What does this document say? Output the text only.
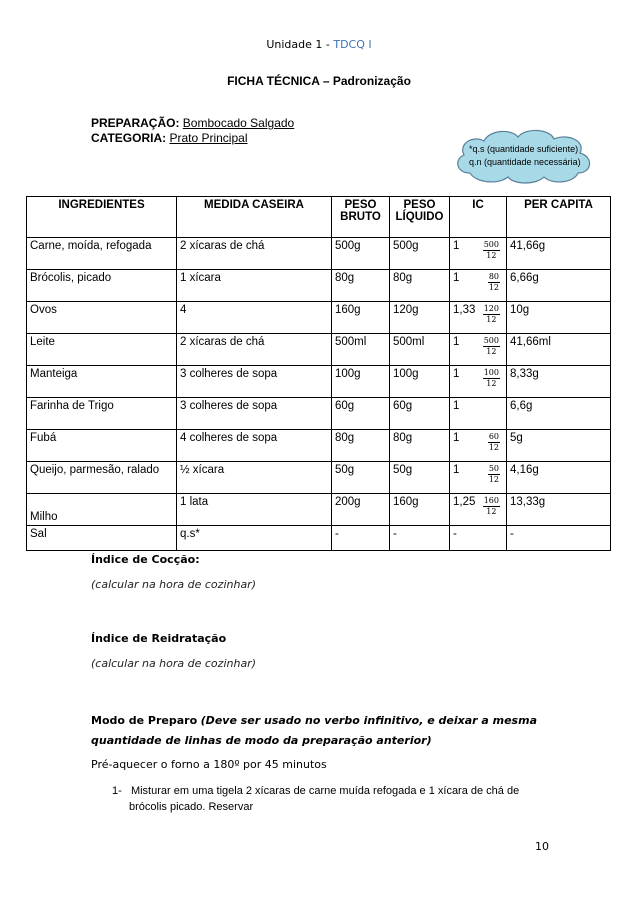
Unidade 1 - TDCQ I
FICHA TÉCNICA – Padronização
PREPARAÇÃO: Bombocado Salgado
CATEGORIA: Prato Principal
*q.s (quantidade suficiente)
q.n (quantidade necessária)
INGREDIENTES	MEDIDA CASEIRA	PESO BRUTO	PESO LÍQUIDO	IC	PER CAPITA
Carne, moída, refogada	2 xícaras de chá	500g	500g	$1 \frac{500}{12}$	41,66g
Brócolis, picado	1 xícara	80g	80g	$1 \frac{80}{12}$	6,66g
Ovos	4	160g	120g	$1,33 \frac{120}{12}$	10g
Leite	2 xícaras de chá	500ml	500ml	$1 \frac{500}{12}$	41,66ml
Manteiga	3 colheres de sopa	100g	100g	$1 \frac{100}{12}$	8,33g
Farinha de Trigo	3 colheres de sopa	60g	60g	1	6,6g
Fubá	4 colheres de sopa	80g	80g	$1 \frac{60}{12}$	5g
Queijo, parmesão, ralado	½ xícara	50g	50g	$1 \frac{50}{12}$	4,16g
Milho	1 lata	200g	160g	$1,25 \frac{160}{12}$	13,33g
Sal	q.s*	-	-	-	-
Índice de Cocção:
(calcular na hora de cozinhar)
Índice de Reidratação
(calcular na hora de cozinhar)
Modo de Preparo (Deve ser usado no verbo infinitivo, e deixar a mesma quantidade de linhas de modo da preparação anterior)
Pré-aquecer o forno a 180º por 45 minutos
1- Misturar em uma tigela 2 xícaras de carne muída refogada e 1 xícara de chá de
brócolis picado. Reservar
10
